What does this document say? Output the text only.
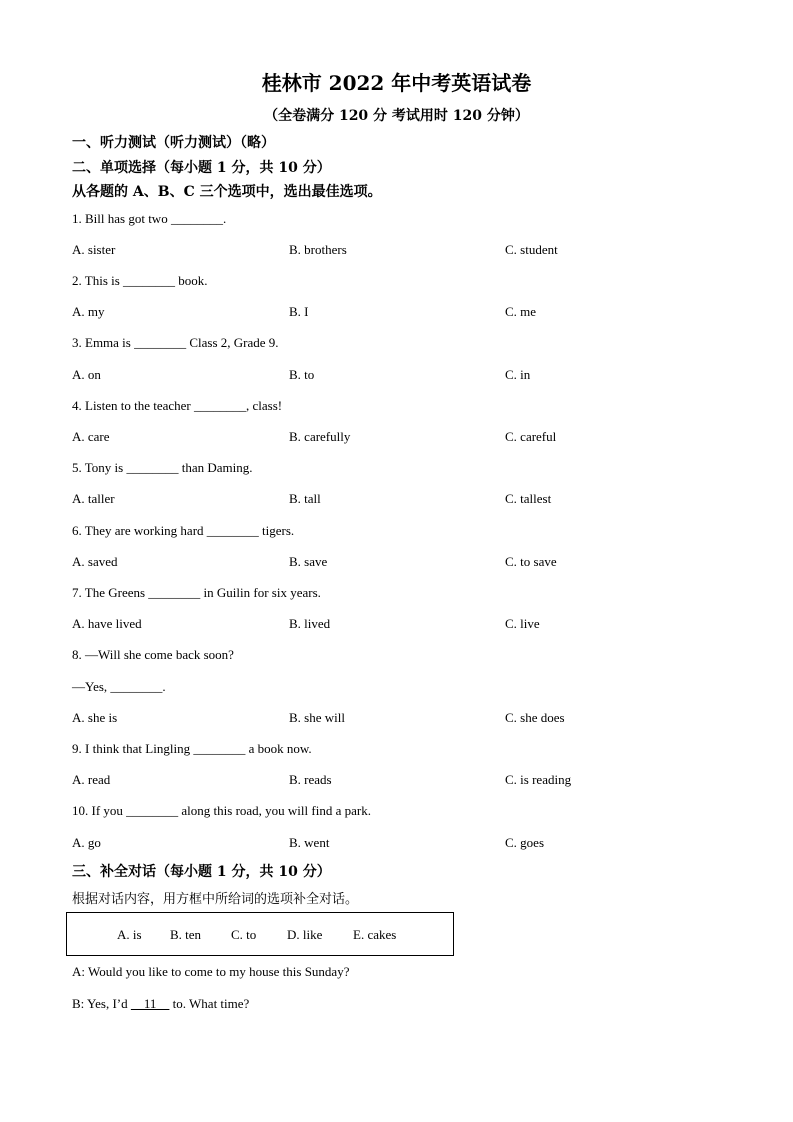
桂林市 2022 年中考英语试卷
（全卷满分 120 分 考试用时 120 分钟）
一、听力测试（听力测试）（略）
二、单项选择（每小题 1 分，共 10 分）
从各题的 A、B、C 三个选项中，选出最佳选项。
1. Bill has got two ________.
A. sister	B. brothers	C. student
2. This is ________ book.
A. my	B. I	C. me
3. Emma is ________ Class 2, Grade 9.
A. on	B. to	C. in
4. Listen to the teacher ________, class!
A. care	B. carefully	C. careful
5. Tony is ________ than Daming.
A. taller	B. tall	C. tallest
6. They are working hard ________ tigers.
A. saved	B. save	C. to save
7. The Greens ________ in Guilin for six years.
A. have lived	B. lived	C. live
8. —Will she come back soon?
—Yes, ________.
A. she is	B. she will	C. she does
9. I think that Lingling ________ a book now.
A. read	B. reads	C. is reading
10. If you ________ along this road, you will find a park.
A. go	B. went	C. goes
三、补全对话（每小题 1 分，共 10 分）
根据对话内容，用方框中所给词的选项补全对话。
A. is B. ten C. to D. like E. cakes
A: Would you like to come to my house this Sunday?
B: Yes, I’d     11     to. What time?
